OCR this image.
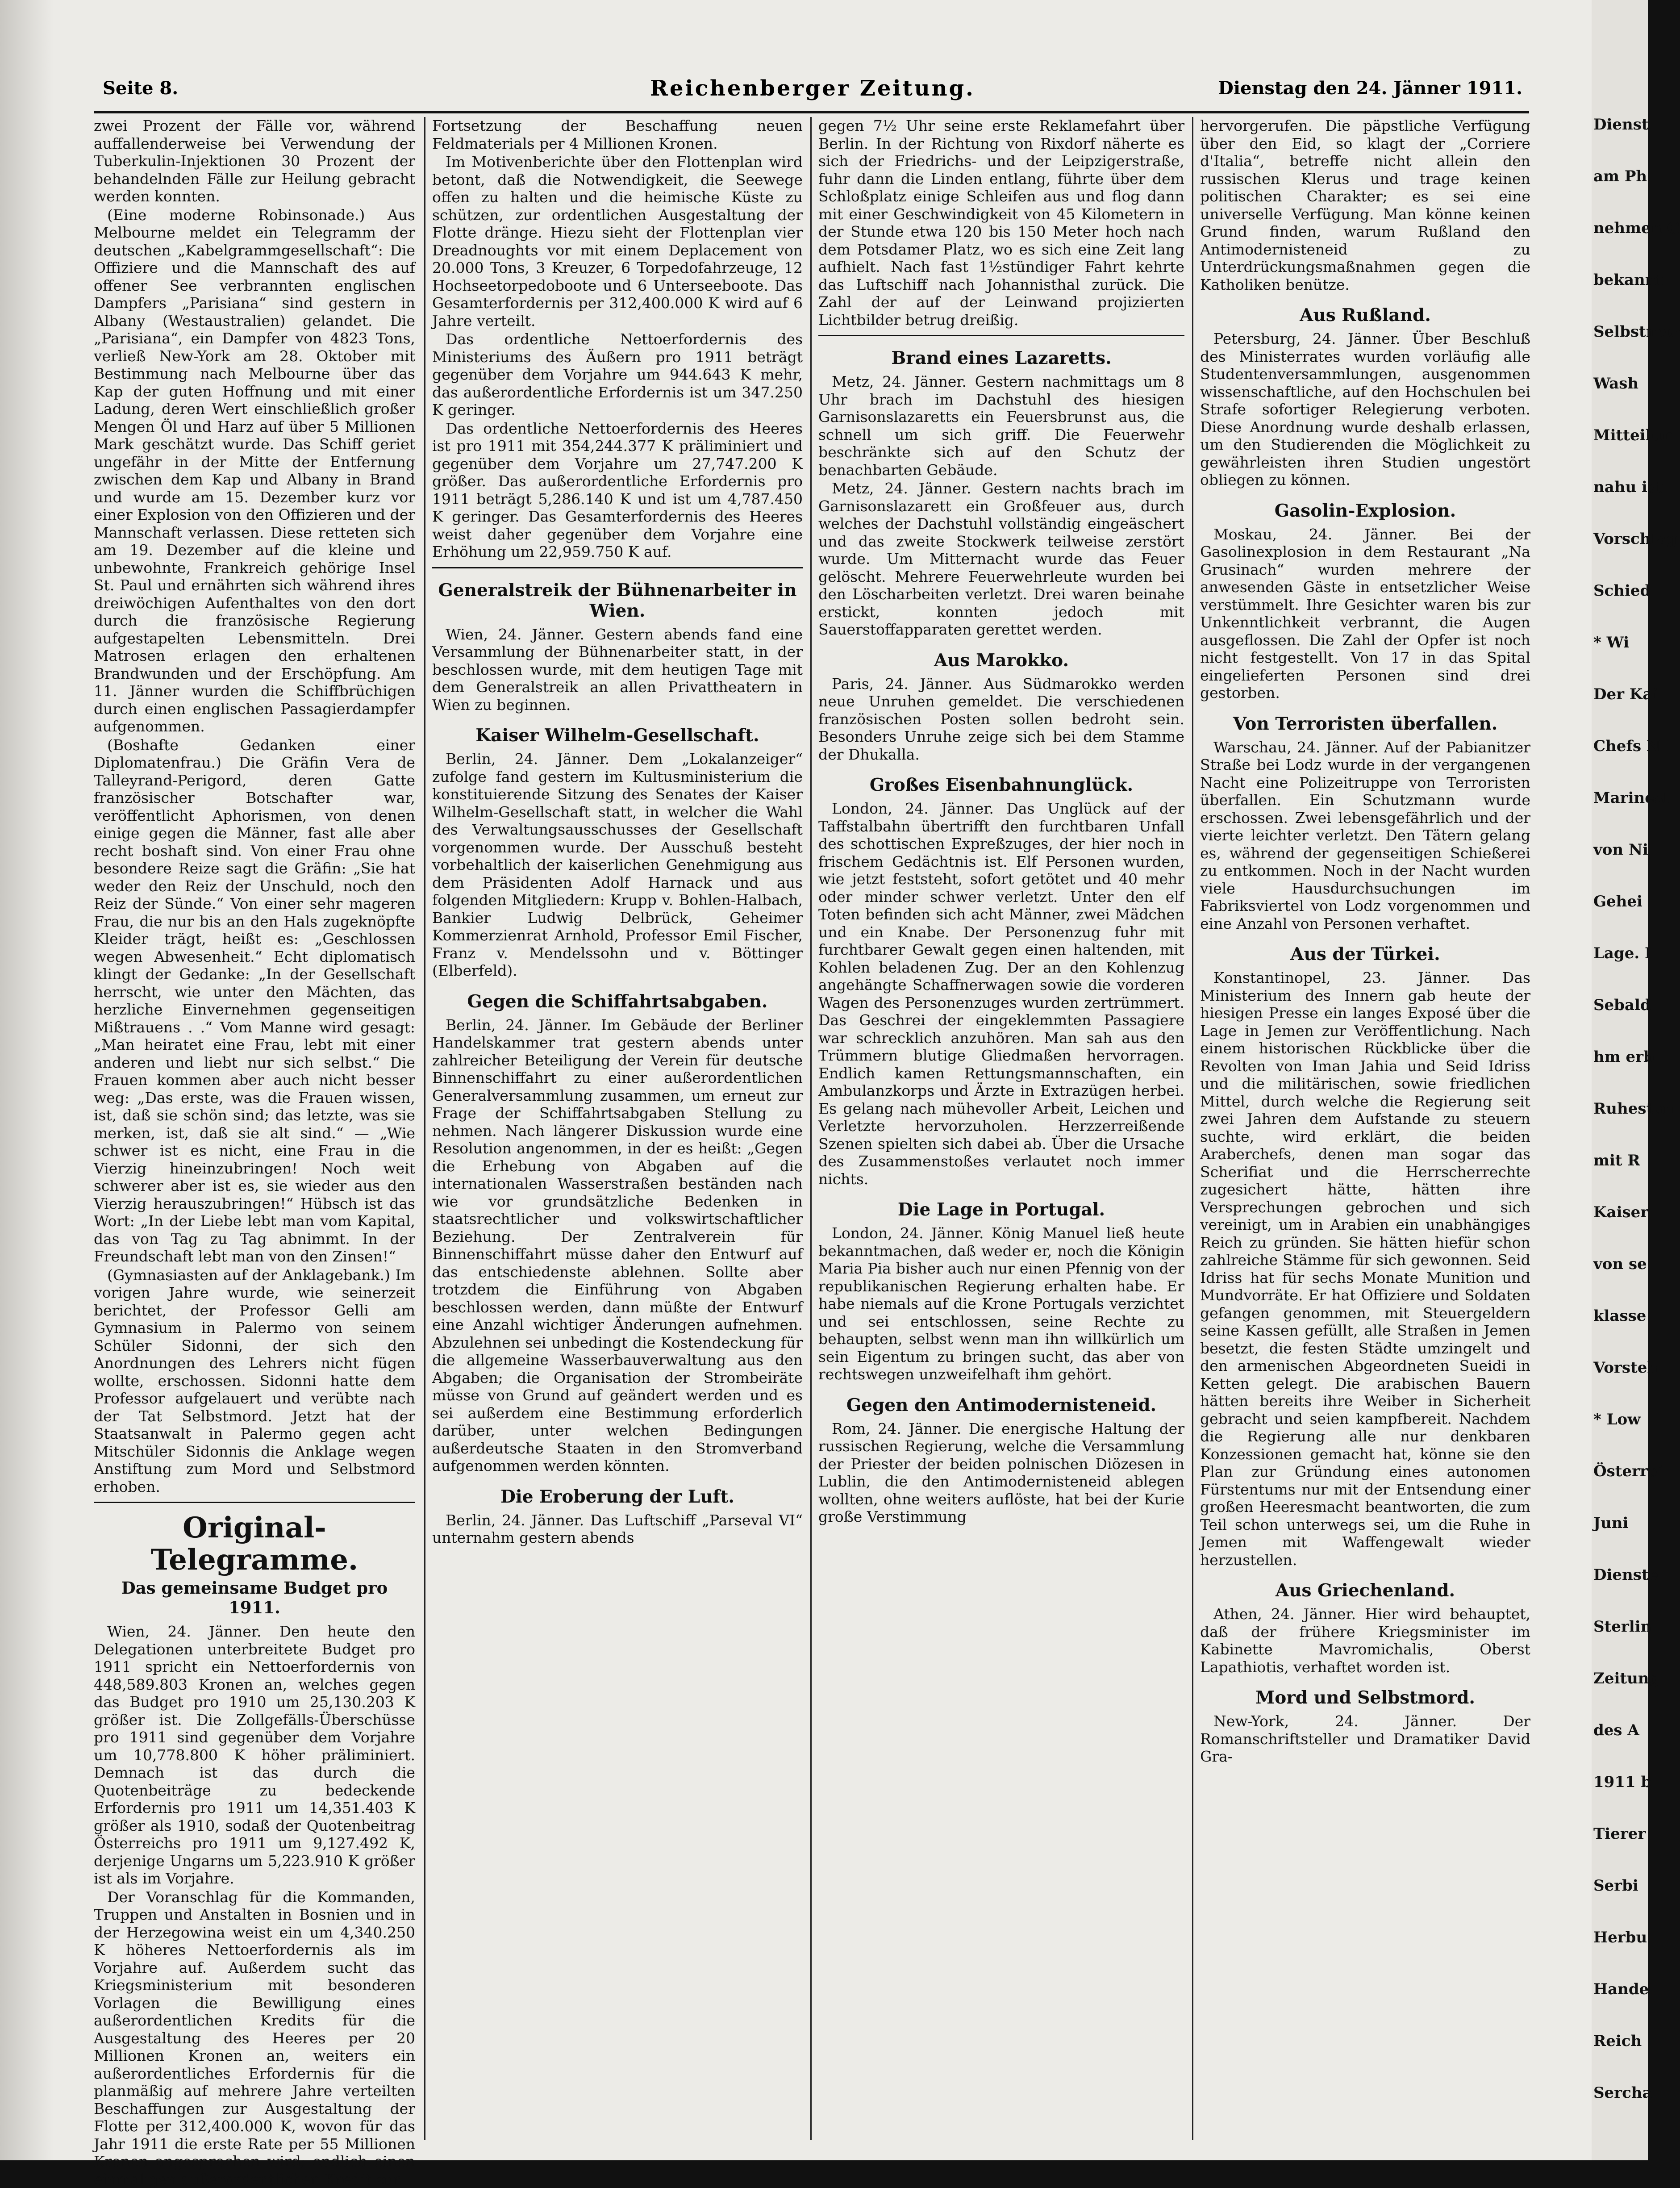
Seite 8.	Reichenberger Zeitung.	Dienstag den 24. Jänner 1911.

zwei Prozent der Fälle vor, während auffallenderweise bei Verwendung der Tuberkulin-Injektionen 30 Prozent der behandelnden Fälle zur Heilung gebracht werden konnten.

(Eine moderne Robinsonade.) Aus Melbourne meldet ein Telegramm der deutschen „Kabelgrammgesellschaft“: Die Offiziere und die Mannschaft des auf offener See verbrannten englischen Dampfers „Parisiana“ sind gestern in Albany (Westaustralien) gelandet. Die „Parisiana“, ein Dampfer von 4823 Tons, verließ New-York am 28. Oktober mit Bestimmung nach Melbourne über das Kap der guten Hoffnung und mit einer Ladung, deren Wert einschließlich großer Mengen Öl und Harz auf über 5 Millionen Mark geschätzt wurde. Das Schiff geriet ungefähr in der Mitte der Entfernung zwischen dem Kap und Albany in Brand und wurde am 15. Dezember kurz vor einer Explosion von den Offizieren und der Mannschaft verlassen. Diese retteten sich am 19. Dezember auf die kleine und unbewohnte, Frankreich gehörige Insel St. Paul und ernährten sich während ihres dreiwöchigen Aufenthaltes von den dort durch die französische Regierung aufgestapelten Lebensmitteln. Drei Matrosen erlagen den erhaltenen Brandwunden und der Erschöpfung. Am 11. Jänner wurden die Schiffbrüchigen durch einen englischen Passagierdampfer aufgenommen.

(Boshafte Gedanken einer Diplomatenfrau.) Die Gräfin Vera de Talleyrand-Perigord, deren Gatte französischer Botschafter war, veröffentlicht Aphorismen, von denen einige gegen die Männer, fast alle aber recht boshaft sind. Von einer Frau ohne besondere Reize sagt die Gräfin: „Sie hat weder den Reiz der Unschuld, noch den Reiz der Sünde.“ Von einer sehr mageren Frau, die nur bis an den Hals zugeknöpfte Kleider trägt, heißt es: „Geschlossen wegen Abwesenheit.“ Echt diplomatisch klingt der Gedanke: „In der Gesellschaft herrscht, wie unter den Mächten, das herzliche Einvernehmen gegenseitigen Mißtrauens . .“ Vom Manne wird gesagt: „Man heiratet eine Frau, lebt mit einer anderen und liebt nur sich selbst.“ Die Frauen kommen aber auch nicht besser weg: „Das erste, was die Frauen wissen, ist, daß sie schön sind; das letzte, was sie merken, ist, daß sie alt sind.“ — „Wie schwer ist es nicht, eine Frau in die Vierzig hineinzubringen! Noch weit schwerer aber ist es, sie wieder aus den Vierzig herauszubringen!“ Hübsch ist das Wort: „In der Liebe lebt man vom Kapital, das von Tag zu Tag abnimmt. In der Freundschaft lebt man von den Zinsen!“

(Gymnasiasten auf der Anklagebank.) Im vorigen Jahre wurde, wie seinerzeit berichtet, der Professor Gelli am Gymnasium in Palermo von seinem Schüler Sidonni, der sich den Anordnungen des Lehrers nicht fügen wollte, erschossen. Sidonni hatte dem Professor aufgelauert und verübte nach der Tat Selbstmord. Jetzt hat der Staatsanwalt in Palermo gegen acht Mitschüler Sidonnis die Anklage wegen Anstiftung zum Mord und Selbstmord erhoben.

Original-Telegramme.
Das gemeinsame Budget pro 1911.

Wien, 24. Jänner. Den heute den Delegationen unterbreitete Budget pro 1911 spricht ein Nettoerfordernis von 448,589.803 Kronen an, welches gegen das Budget pro 1910 um 25,130.203 K größer ist. Die Zollgefälls-Überschüsse pro 1911 sind gegenüber dem Vorjahre um 10,778.800 K höher präliminiert. Demnach ist das durch die Quotenbeiträge zu bedeckende Erfordernis pro 1911 um 14,351.403 K größer als 1910, sodaß der Quotenbeitrag Österreichs pro 1911 um 9,127.492 K, derjenige Ungarns um 5,223.910 K größer ist als im Vorjahre.

Der Voranschlag für die Kommanden, Truppen und Anstalten in Bosnien und in der Herzegowina weist ein um 4,340.250 K höheres Nettoerfordernis als im Vorjahre auf. Außerdem sucht das Kriegsministerium mit besonderen Vorlagen die Bewilligung eines außerordentlichen Kredits für die Ausgestaltung des Heeres per 20 Millionen Kronen an, weiters ein außerordentliches Erfordernis für die planmäßig auf mehrere Jahre verteilten Beschaffungen zur Ausgestaltung der Flotte per 312,400.000 K, wovon für das Jahr 1911 die erste Rate per 55 Millionen Kronen angesprochen wird; endlich einen einmaligen außerordentlichen Kredit zur

Fortsetzung der Beschaffung neuen Feldmaterials per 4 Millionen Kronen.

Im Motivenberichte über den Flottenplan wird betont, daß die Notwendigkeit, die Seewege offen zu halten und die heimische Küste zu schützen, zur ordentlichen Ausgestaltung der Flotte dränge. Hiezu sieht der Flottenplan vier Dreadnoughts vor mit einem Deplacement von 20.000 Tons, 3 Kreuzer, 6 Torpedofahrzeuge, 12 Hochseetorpedoboote und 6 Unterseeboote. Das Gesamterfordernis per 312,400.000 K wird auf 6 Jahre verteilt.

Das ordentliche Nettoerfordernis des Ministeriums des Äußern pro 1911 beträgt gegenüber dem Vorjahre um 944.643 K mehr, das außerordentliche Erfordernis ist um 347.250 K geringer.

Das ordentliche Nettoerfordernis des Heeres ist pro 1911 mit 354,244.377 K präliminiert und gegenüber dem Vorjahre um 27,747.200 K größer. Das außerordentliche Erfordernis pro 1911 beträgt 5,286.140 K und ist um 4,787.450 K geringer. Das Gesamterfordernis des Heeres weist daher gegenüber dem Vorjahre eine Erhöhung um 22,959.750 K auf.

Generalstreik der Bühnenarbeiter in Wien.

Wien, 24. Jänner. Gestern abends fand eine Versammlung der Bühnenarbeiter statt, in der beschlossen wurde, mit dem heutigen Tage mit dem Generalstreik an allen Privattheatern in Wien zu beginnen.

Kaiser Wilhelm-Gesellschaft.

Berlin, 24. Jänner. Dem „Lokalanzeiger“ zufolge fand gestern im Kultusministerium die konstituierende Sitzung des Senates der Kaiser Wilhelm-Gesellschaft statt, in welcher die Wahl des Verwaltungsausschusses der Gesellschaft vorgenommen wurde. Der Ausschuß besteht vorbehaltlich der kaiserlichen Genehmigung aus dem Präsidenten Adolf Harnack und aus folgenden Mitgliedern: Krupp v. Bohlen-Halbach, Bankier Ludwig Delbrück, Geheimer Kommerzienrat Arnhold, Professor Emil Fischer, Franz v. Mendelssohn und v. Böttinger (Elberfeld).

Gegen die Schiffahrtsabgaben.

Berlin, 24. Jänner. Im Gebäude der Berliner Handelskammer trat gestern abends unter zahlreicher Beteiligung der Verein für deutsche Binnenschiffahrt zu einer außerordentlichen Generalversammlung zusammen, um erneut zur Frage der Schiffahrtsabgaben Stellung zu nehmen. Nach längerer Diskussion wurde eine Resolution angenommen, in der es heißt: „Gegen die Erhebung von Abgaben auf die internationalen Wasserstraßen beständen nach wie vor grundsätzliche Bedenken in staatsrechtlicher und volkswirtschaftlicher Beziehung. Der Zentralverein für Binnenschiffahrt müsse daher den Entwurf auf das entschiedenste ablehnen. Sollte aber trotzdem die Einführung von Abgaben beschlossen werden, dann müßte der Entwurf eine Anzahl wichtiger Änderungen aufnehmen. Abzulehnen sei unbedingt die Kostendeckung für die allgemeine Wasserbauverwaltung aus den Abgaben; die Organisation der Strombeiräte müsse von Grund auf geändert werden und es sei außerdem eine Bestimmung erforderlich darüber, unter welchen Bedingungen außerdeutsche Staaten in den Stromverband aufgenommen werden könnten.

Die Eroberung der Luft.

Berlin, 24. Jänner. Das Luftschiff „Parseval VI“ unternahm gestern abends

gegen 7½ Uhr seine erste Reklamefahrt über Berlin. In der Richtung von Rixdorf näherte es sich der Friedrichs- und der Leipzigerstraße, fuhr dann die Linden entlang, führte über dem Schloßplatz einige Schleifen aus und flog dann mit einer Geschwindigkeit von 45 Kilometern in der Stunde etwa 120 bis 150 Meter hoch nach dem Potsdamer Platz, wo es sich eine Zeit lang aufhielt. Nach fast 1½stündiger Fahrt kehrte das Luftschiff nach Johannisthal zurück. Die Zahl der auf der Leinwand projizierten Lichtbilder betrug dreißig.

Brand eines Lazaretts.

Metz, 24. Jänner. Gestern nachmittags um 8 Uhr brach im Dachstuhl des hiesigen Garnisonslazaretts ein Feuersbrunst aus, die schnell um sich griff. Die Feuerwehr beschränkte sich auf den Schutz der benachbarten Gebäude.

Metz, 24. Jänner. Gestern nachts brach im Garnisonslazarett ein Großfeuer aus, durch welches der Dachstuhl vollständig eingeäschert und das zweite Stockwerk teilweise zerstört wurde. Um Mitternacht wurde das Feuer gelöscht. Mehrere Feuerwehrleute wurden bei den Löscharbeiten verletzt. Drei waren beinahe erstickt, konnten jedoch mit Sauerstoffapparaten gerettet werden.

Aus Marokko.

Paris, 24. Jänner. Aus Südmarokko werden neue Unruhen gemeldet. Die verschiedenen französischen Posten sollen bedroht sein. Besonders Unruhe zeige sich bei dem Stamme der Dhukalla.

Großes Eisenbahnunglück.

London, 24. Jänner. Das Unglück auf der Taffstalbahn übertrifft den furchtbaren Unfall des schottischen Expreßzuges, der hier noch in frischem Gedächtnis ist. Elf Personen wurden, wie jetzt feststeht, sofort getötet und 40 mehr oder minder schwer verletzt. Unter den elf Toten befinden sich acht Männer, zwei Mädchen und ein Knabe. Der Personenzug fuhr mit furchtbarer Gewalt gegen einen haltenden, mit Kohlen beladenen Zug. Der an den Kohlenzug angehängte Schaffnerwagen sowie die vorderen Wagen des Personenzuges wurden zertrümmert. Das Geschrei der eingeklemmten Passagiere war schrecklich anzuhören. Man sah aus den Trümmern blutige Gliedmaßen hervorragen. Endlich kamen Rettungsmannschaften, ein Ambulanzkorps und Ärzte in Extrazügen herbei. Es gelang nach mühevoller Arbeit, Leichen und Verletzte hervorzuholen. Herzzerreißende Szenen spielten sich dabei ab. Über die Ursache des Zusammenstoßes verlautet noch immer nichts.

Die Lage in Portugal.

London, 24. Jänner. König Manuel ließ heute bekanntmachen, daß weder er, noch die Königin Maria Pia bisher auch nur einen Pfennig von der republikanischen Regierung erhalten habe. Er habe niemals auf die Krone Portugals verzichtet und sei entschlossen, seine Rechte zu behaupten, selbst wenn man ihn willkürlich um sein Eigentum zu bringen sucht, das aber von rechtswegen unzweifelhaft ihm gehört.

Gegen den Antimodernisteneid.

Rom, 24. Jänner. Die energische Haltung der russischen Regierung, welche die Versammlung der Priester der beiden polnischen Diözesen in Lublin, die den Antimodernisteneid ablegen wollten, ohne weiters auflöste, hat bei der Kurie große Verstimmung

hervorgerufen. Die päpstliche Verfügung über den Eid, so klagt der „Corriere d'Italia“, betreffe nicht allein den russischen Klerus und trage keinen politischen Charakter; es sei eine universelle Verfügung. Man könne keinen Grund finden, warum Rußland den Antimodernisteneid zu Unterdrückungsmaßnahmen gegen die Katholiken benütze.

Aus Rußland.

Petersburg, 24. Jänner. Über Beschluß des Ministerrates wurden vorläufig alle Studentenversammlungen, ausgenommen wissenschaftliche, auf den Hochschulen bei Strafe sofortiger Relegierung verboten. Diese Anordnung wurde deshalb erlassen, um den Studierenden die Möglichkeit zu gewährleisten ihren Studien ungestört obliegen zu können.

Gasolin-Explosion.

Moskau, 24. Jänner. Bei der Gasolinexplosion in dem Restaurant „Na Grusinach“ wurden mehrere der anwesenden Gäste in entsetzlicher Weise verstümmelt. Ihre Gesichter waren bis zur Unkenntlichkeit verbrannt, die Augen ausgeflossen. Die Zahl der Opfer ist noch nicht festgestellt. Von 17 in das Spital eingelieferten Personen sind drei gestorben.

Von Terroristen überfallen.

Warschau, 24. Jänner. Auf der Pabianitzer Straße bei Lodz wurde in der vergangenen Nacht eine Polizeitruppe von Terroristen überfallen. Ein Schutzmann wurde erschossen. Zwei lebensgefährlich und der vierte leichter verletzt. Den Tätern gelang es, während der gegenseitigen Schießerei zu entkommen. Noch in der Nacht wurden viele Hausdurchsuchungen im Fabriksviertel von Lodz vorgenommen und eine Anzahl von Personen verhaftet.

Aus der Türkei.

Konstantinopel, 23. Jänner. Das Ministerium des Innern gab heute der hiesigen Presse ein langes Exposé über die Lage in Jemen zur Veröffentlichung. Nach einem historischen Rückblicke über die Revolten von Iman Jahia und Seid Idriss und die militärischen, sowie friedlichen Mittel, durch welche die Regierung seit zwei Jahren dem Aufstande zu steuern suchte, wird erklärt, die beiden Araberchefs, denen man sogar das Scherifiat und die Herrscherrechte zugesichert hätte, hätten ihre Versprechungen gebrochen und sich vereinigt, um in Arabien ein unabhängiges Reich zu gründen. Sie hätten hiefür schon zahlreiche Stämme für sich gewonnen. Seid Idriss hat für sechs Monate Munition und Mundvorräte. Er hat Offiziere und Soldaten gefangen genommen, mit Steuergeldern seine Kassen gefüllt, alle Straßen in Jemen besetzt, die festen Städte umzingelt und den armenischen Abgeordneten Sueidi in Ketten gelegt. Die arabischen Bauern hätten bereits ihre Weiber in Sicherheit gebracht und seien kampfbereit. Nachdem die Regierung alle nur denkbaren Konzessionen gemacht hat, könne sie den Plan zur Gründung eines autonomen Fürstentums nur mit der Entsendung einer großen Heeresmacht beantworten, die zum Teil schon unterwegs sei, um die Ruhe in Jemen mit Waffengewalt wieder herzustellen.

Aus Griechenland.

Athen, 24. Jänner. Hier wird behauptet, daß der frühere Kriegsminister im Kabinette Mavromichalis, Oberst Lapathiotis, verhaftet worden ist.

Mord und Selbstmord.

New-York, 24. Jänner. Der Romanschriftsteller und Dramatiker David Gra-

Dienst
am Ph
nehmen G
bekannt
Selbstmor
Wash
Mitteilun
nahu ist
Vorschlag
Schied
* Wi
Der Kai
Chefs N
Marinesl
von Ni
Gehei
Lage. I
Sebald
hm erb
Ruhestan
mit R
Kaiser
von se
klasse
Vorsteh
* Low
Österrei
Juni
Dienste
Sterlin
Zeitung
des A
1911 b
Tierer
Serbi
Herbu
Hande
Reich
Sercha
